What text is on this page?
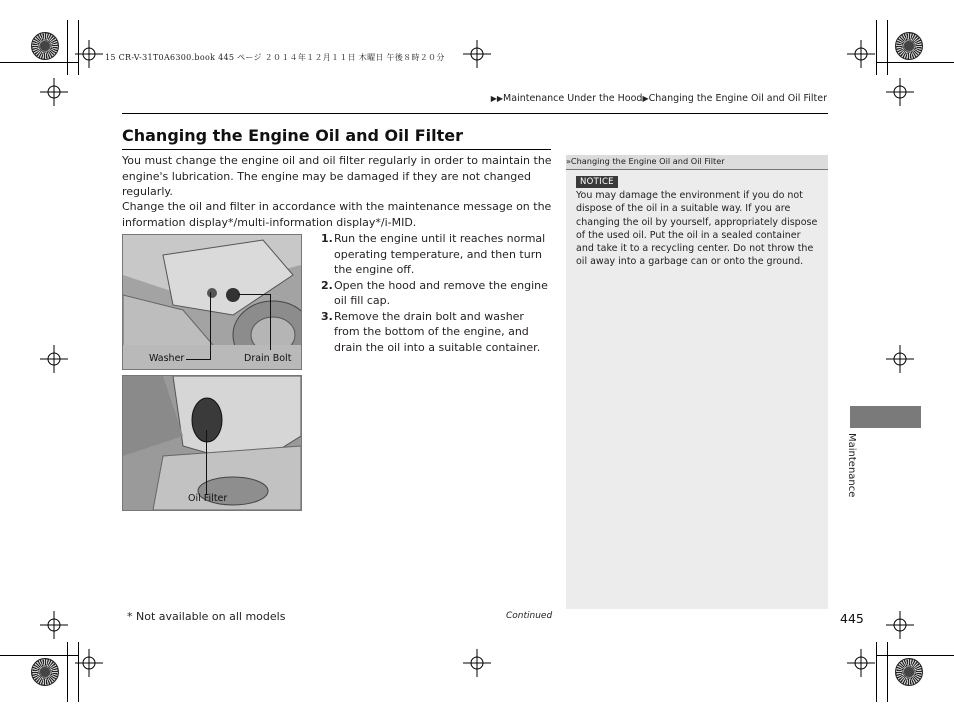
15 CR-V-31T0A6300.book 445 ページ ２０１４年１２月１１日 木曜日 午後８時２０分
▶▶Maintenance Under the Hood▶Changing the Engine Oil and Oil Filter
Changing the Engine Oil and Oil Filter
You must change the engine oil and oil filter regularly in order to maintain the engine's lubrication. The engine may be damaged if they are not changed regularly.
Change the oil and filter in accordance with the maintenance message on the information display*/multi-information display*/i-MID.
Washer	Drain Bolt
Oil Filter
1. Run the engine until it reaches normal operating temperature, and then turn the engine off.
2. Open the hood and remove the engine oil fill cap.
3. Remove the drain bolt and washer from the bottom of the engine, and drain the oil into a suitable container.
»Changing the Engine Oil and Oil Filter
NOTICE
You may damage the environment if you do not dispose of the oil in a suitable way. If you are changing the oil by yourself, appropriately dispose of the used oil. Put the oil in a sealed container and take it to a recycling center. Do not throw the oil away into a garbage can or onto the ground.
Maintenance
* Not available on all models	Continued	445
